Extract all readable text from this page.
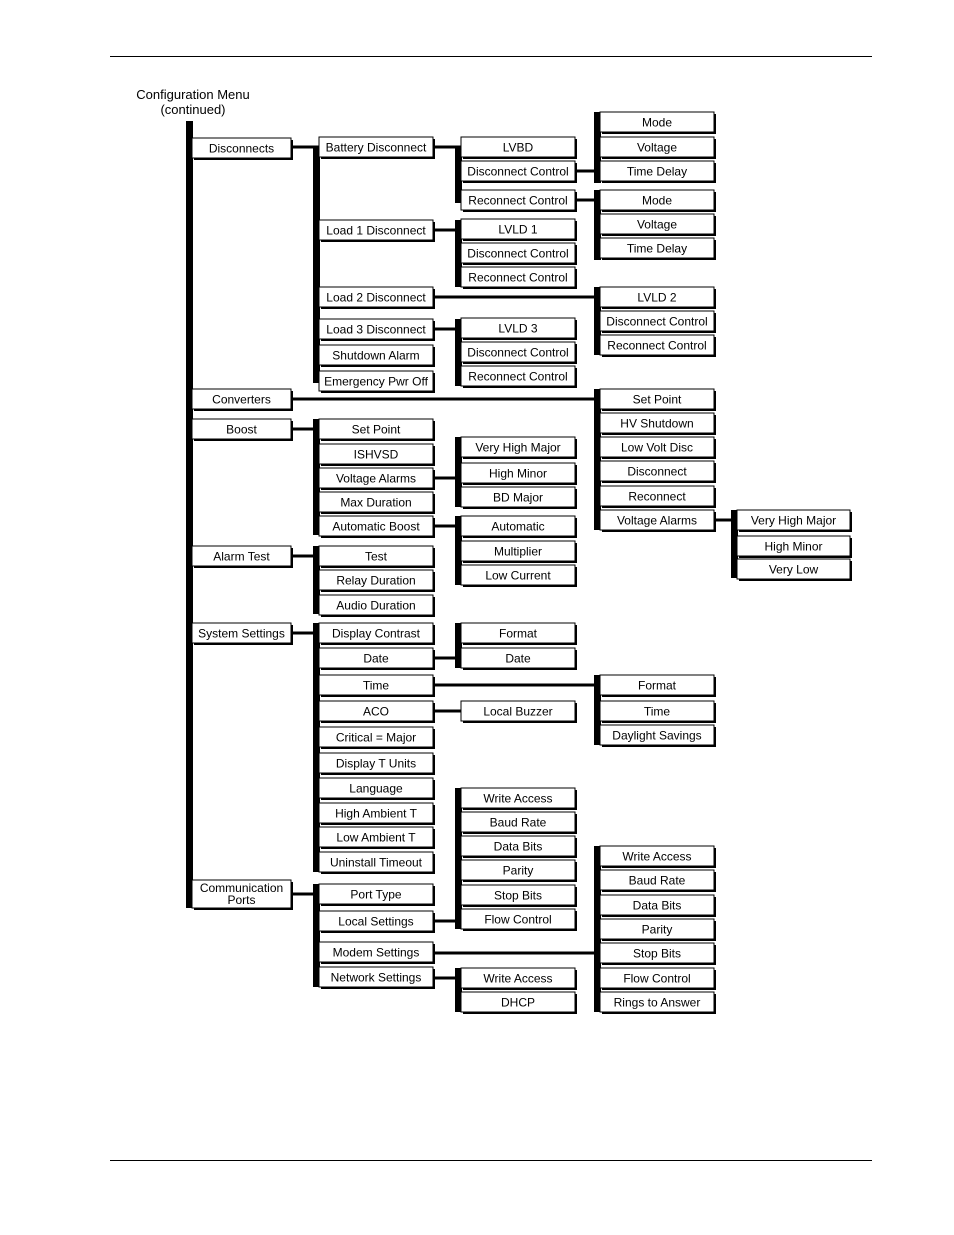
Configuration Menu
(continued)
Disconnects
Converters
Boost
Alarm Test
System Settings
Communication
Ports
Battery Disconnect
Load 1 Disconnect
Load 2 Disconnect
Load 3 Disconnect
Shutdown Alarm
Emergency Pwr Off
LVBD
Disconnect Control
Reconnect Control
Mode
Voltage
Time Delay
Mode
Voltage
Time Delay
LVLD 1
Disconnect Control
Reconnect Control
LVLD 2
Disconnect Control
Reconnect Control
LVLD 3
Disconnect Control
Reconnect Control
Set Point
HV Shutdown
Low Volt Disc
Disconnect
Reconnect
Voltage Alarms	Very High Major
High Minor
Very Low
Set Point
ISHVSD
Voltage Alarms
Max Duration
Automatic Boost
Very High Major
High Minor
BD Major
Automatic
Multiplier
Low Current
Test
Relay Duration
Audio Duration
Display Contrast
Date
Time
ACO
Critical = Major
Display T Units
Language
High Ambient T
Low Ambient T
Uninstall Timeout
Format
Date
Format
Time
Daylight Savings
Local Buzzer
Port Type
Local Settings
Modem Settings
Network Settings
Write Access
Baud Rate
Data Bits
Parity
Stop Bits
Flow Control
Write Access
Baud Rate
Data Bits
Parity
Stop Bits
Flow Control
Rings to Answer
Write Access
DHCP
